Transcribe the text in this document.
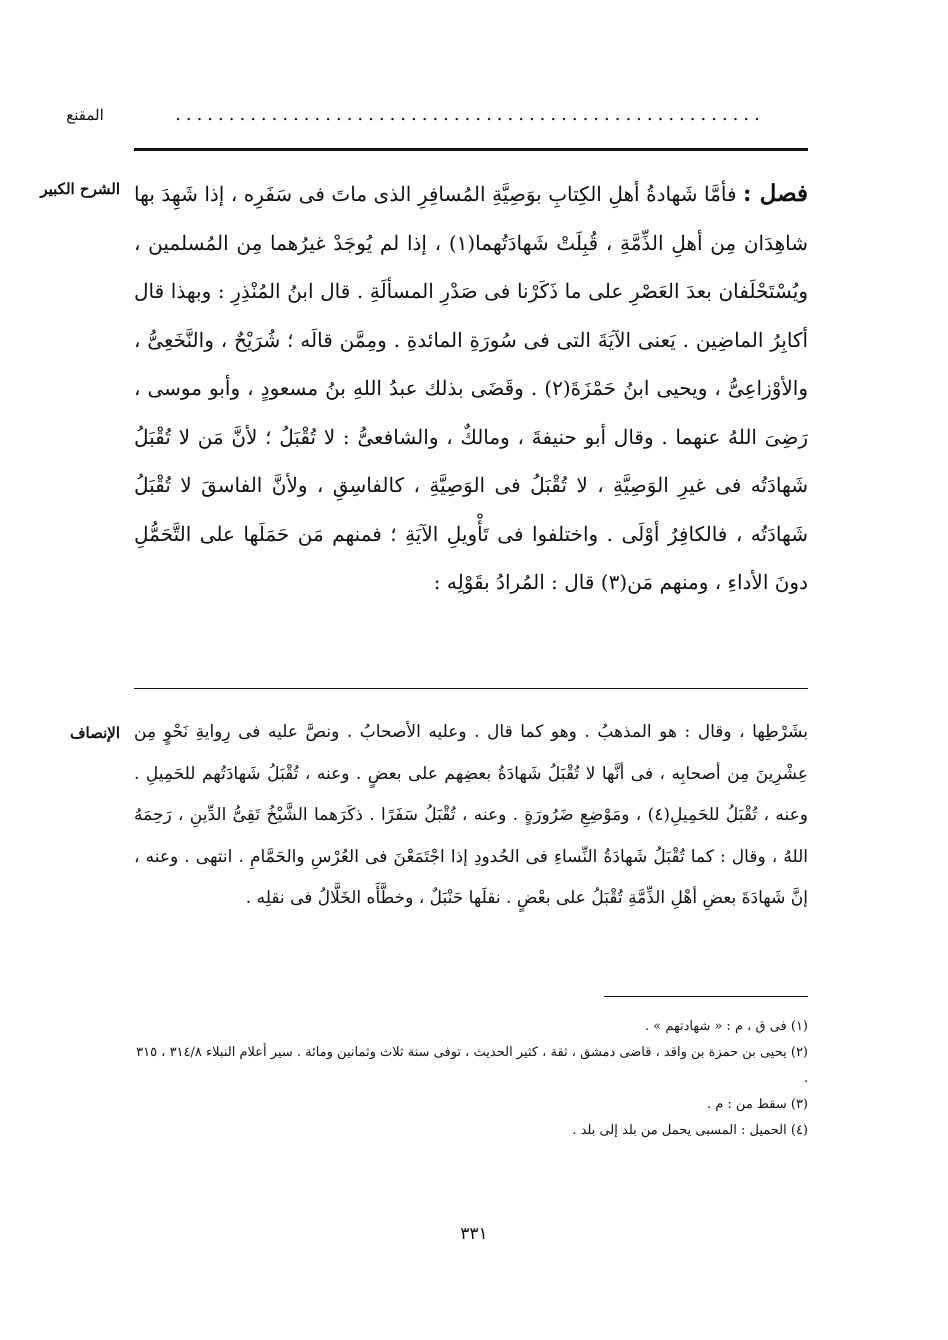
المقنع	.......................................................
الشرح الكبير	فصل : فأمَّا شَهادةُ أهلِ الكِتابِ بوَصِيَّةِ المُسافِرِ الذى ماتَ فى سَفَرِه ، إذا شَهِدَ بها شاهِدَان مِن أهلِ الذِّمَّةِ ، قُبِلَتْ شَهادَتُهما(١) ، إذا لم يُوجَدْ غيرُهما مِن المُسلمين ، ويُسْتَحْلَفان بعدَ العَصْرِ على ما ذَكَرْنا فى صَدْرِ المسألَةِ . قال ابنُ المُنْذِرِ : وبهذا قال أكابِرُ الماضِين . يَعنى الآيَةَ التى فى سُورَةِ المائدةِ . ومِمَّن قالَه ؛ شُرَيْحٌ ، والنَّخَعِىُّ ، والأوْزاعِىُّ ، ويحيى ابنُ حَمْزَةَ(٢) . وقَضَى بذلك عبدُ اللهِ بنُ مسعودٍ ، وأبو موسى ، رَضِىَ اللهُ عنهما . وقال أبو حنيفةَ ، ومالكٌ ، والشافعىُّ : لا تُقْبَلُ ؛ لأنَّ مَن لا تُقْبَلُ شَهادَتُه فى غيرِ الوَصِيَّةِ ، لا تُقْبَلُ فى الوَصِيَّةِ ، كالفاسِقِ ، ولأنَّ الفاسقَ لا تُقْبَلُ شَهادَتُه ، فالكافِرُ أوْلَى . واختلفوا فى تَأْويلِ الآيَةِ ؛ فمنهم مَن حَمَلَها على التَّحَمُّلِ دونَ الأداءِ ، ومنهم مَن(٣) قال : المُرادُ بقَوْلِه :
الإنصاف بشَرْطِها ، وقال : هو المذهبُ . وهو كما قال . وعليه الأصحابُ . ونصَّ عليه فى رِوايةِ نَحْوٍ مِن عِشْرِينَ مِن أصحابِه ، فى أنَّها لا تُقْبَلُ شَهادَةُ بعضِهم على بعضٍ . وعنه ، تُقْبَلُ شَهادَتُهم للحَمِيلِ . وعنه ، تُقْبَلُ للحَمِيلِ(٤) ، ومَوْضِعِ ضَرُورَةٍ . وعنه ، تُقْبَلُ سَفَرًا . ذكَرَهما الشَّيْخُ تَقِىُّ الدِّينِ ، رَحِمَهُ اللهُ ، وقال : كما تُقْبَلُ شَهادَةُ النِّساءِ فى الحُدودِ إذا اجْتَمَعْنَ فى العُرْسِ والحَمَّامِ . انتهى . وعنه ، إنَّ شَهادَةَ بعضِ أهْلِ الذِّمَّةِ تُقْبَلُ على بعْضٍ . نقلَها حَنْبَلٌ ، وخطَّأَه الخَلَّالُ فى نقلِه .
(١) فى ق ، م : « شهادتهم » .
(٢) يحيى بن حمزة بن واقد ، قاضى دمشق ، ثقة ، كثير الحديث ، توفى سنة ثلاث وثمانين ومائة . سير أعلام النبلاء ٣١٤/٨ ، ٣١٥ .
(٣) سقط من : م .
(٤) الحميل : المسبى يحمل من بلد إلى بلد .
٣٣١
